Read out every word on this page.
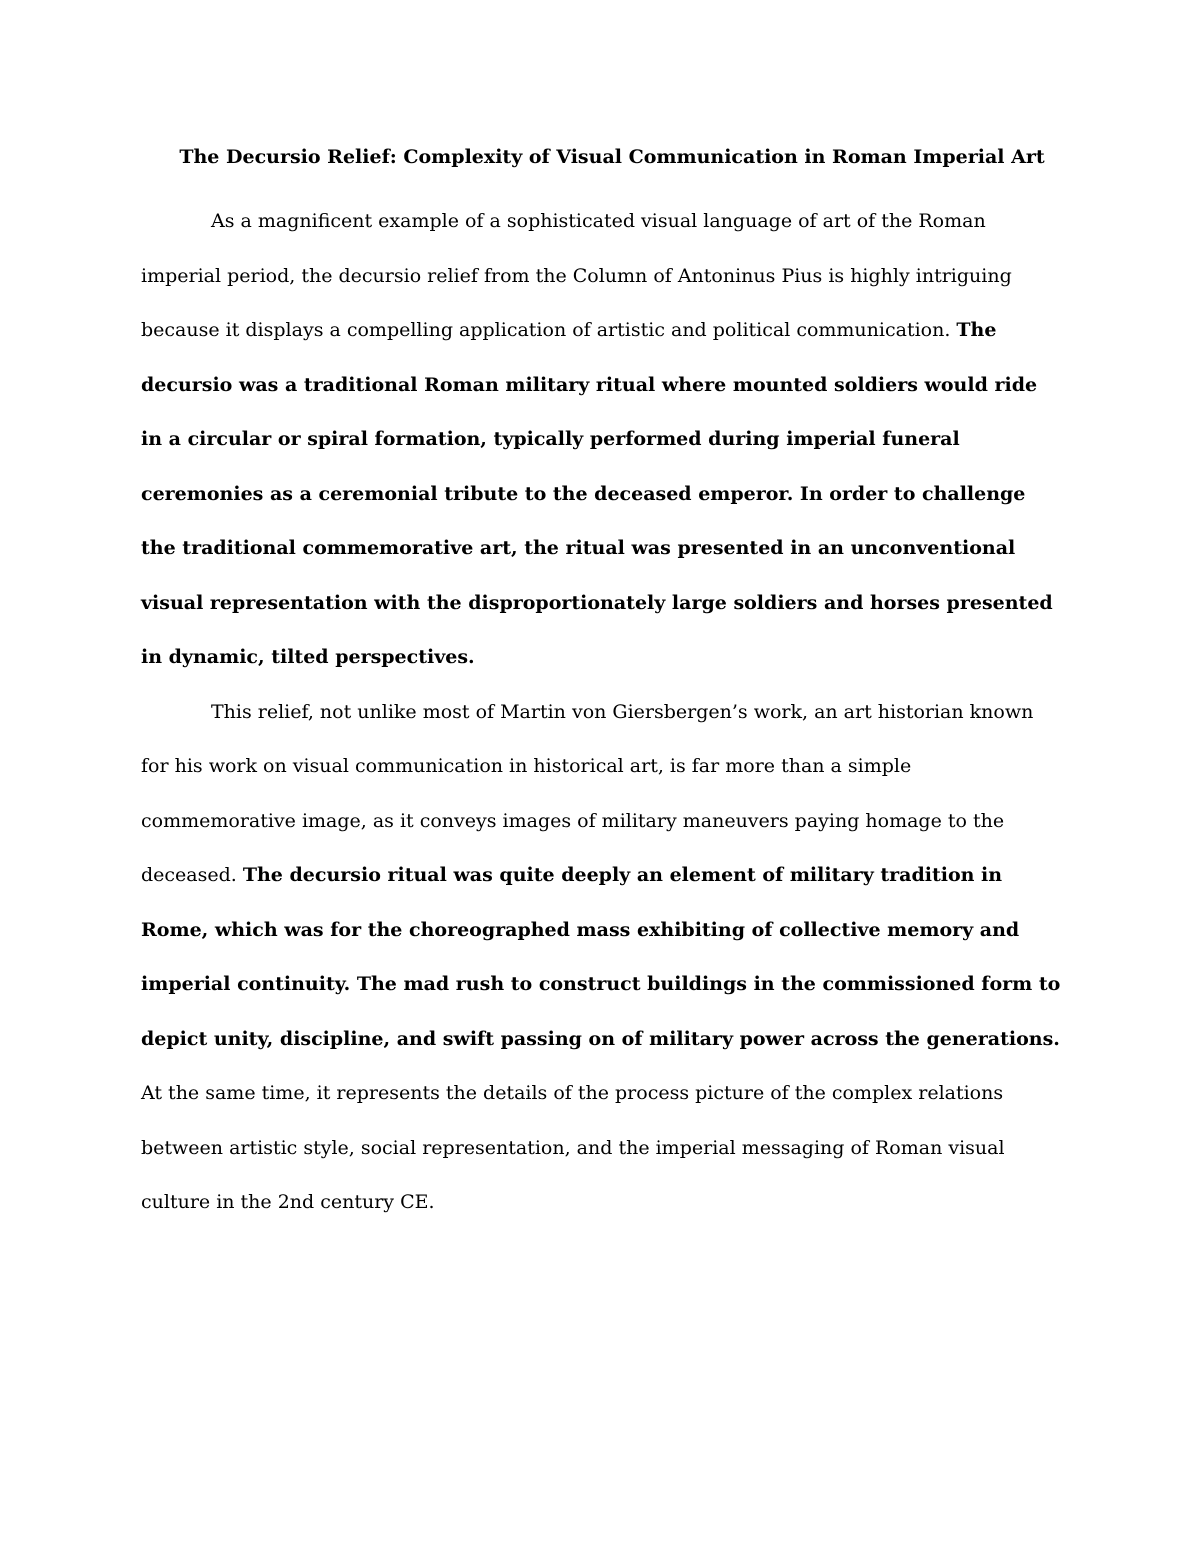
The Decursio Relief: Complexity of Visual Communication in Roman Imperial Art

As a magnificent example of a sophisticated visual language of art of the Roman imperial period, the decursio relief from the Column of Antoninus Pius is highly intriguing because it displays a compelling application of artistic and political communication. The decursio was a traditional Roman military ritual where mounted soldiers would ride in a circular or spiral formation, typically performed during imperial funeral ceremonies as a ceremonial tribute to the deceased emperor. In order to challenge the traditional commemorative art, the ritual was presented in an unconventional visual representation with the disproportionately large soldiers and horses presented in dynamic, tilted perspectives.

This relief, not unlike most of Martin von Giersbergen’s work, an art historian known for his work on visual communication in historical art, is far more than a simple commemorative image, as it conveys images of military maneuvers paying homage to the deceased. The decursio ritual was quite deeply an element of military tradition in Rome, which was for the choreographed mass exhibiting of collective memory and imperial continuity. The mad rush to construct buildings in the commissioned form to depict unity, discipline, and swift passing on of military power across the generations. At the same time, it represents the details of the process picture of the complex relations between artistic style, social representation, and the imperial messaging of Roman visual culture in the 2nd century CE.
